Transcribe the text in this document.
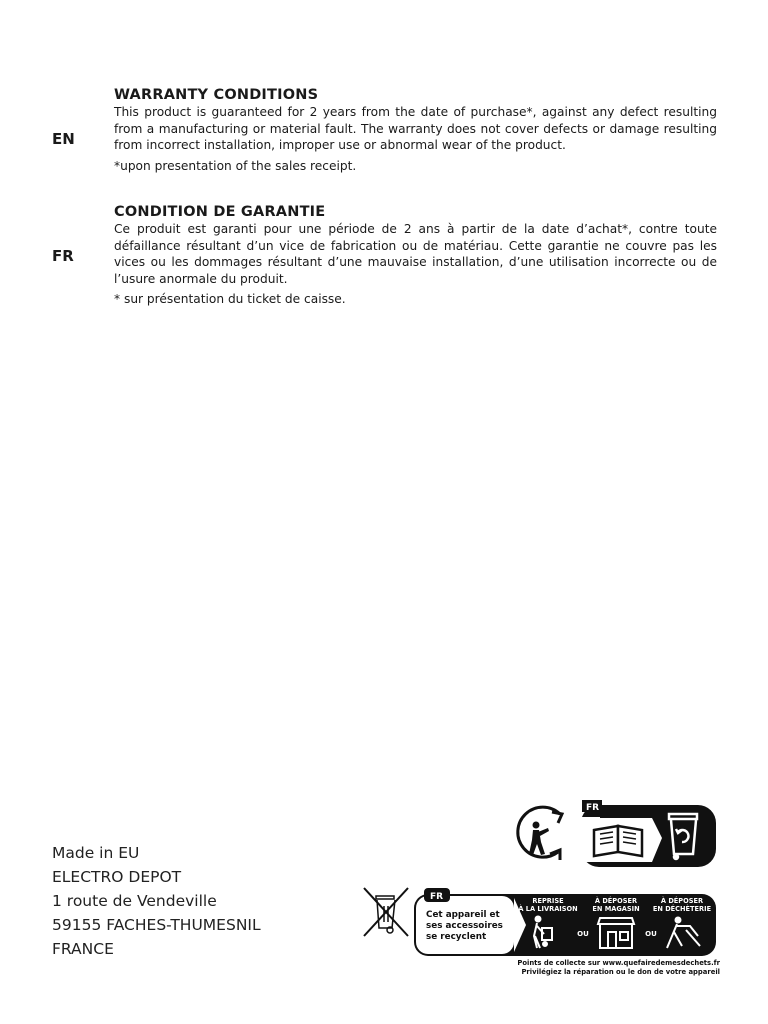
EN
WARRANTY CONDITIONS

This product is guaranteed for 2 years from the date of purchase*, against any defect resulting from a manufacturing or material fault. The warranty does not cover defects or damage resulting from incorrect installation, improper use or abnormal wear of the product.

*upon presentation of the sales receipt.

FR
CONDITION DE GARANTIE

Ce produit est garanti pour une période de 2 ans à partir de la date d’achat*, contre toute défaillance résultant d’un vice de fabrication ou de matériau. Cette garantie ne couvre pas les vices ou les dommages résultant d’une mauvaise installation, d’une utilisation incorrecte ou de l’usure anormale du produit.

* sur présentation du ticket de caisse.

Made in EU
ELECTRO DEPOT
1 route de Vendeville
59155 FACHES-THUMESNIL
FRANCE
FR
FR
Cet appareil et ses accessoires se recyclent
REPRISE
À LA LIVRAISON
À DÉPOSER
EN MAGASIN
À DÉPOSER
EN DÉCHÈTERIE
OU	OU
Points de collecte sur www.quefairedemesdechets.fr
Privilégiez la réparation ou le don de votre appareil
